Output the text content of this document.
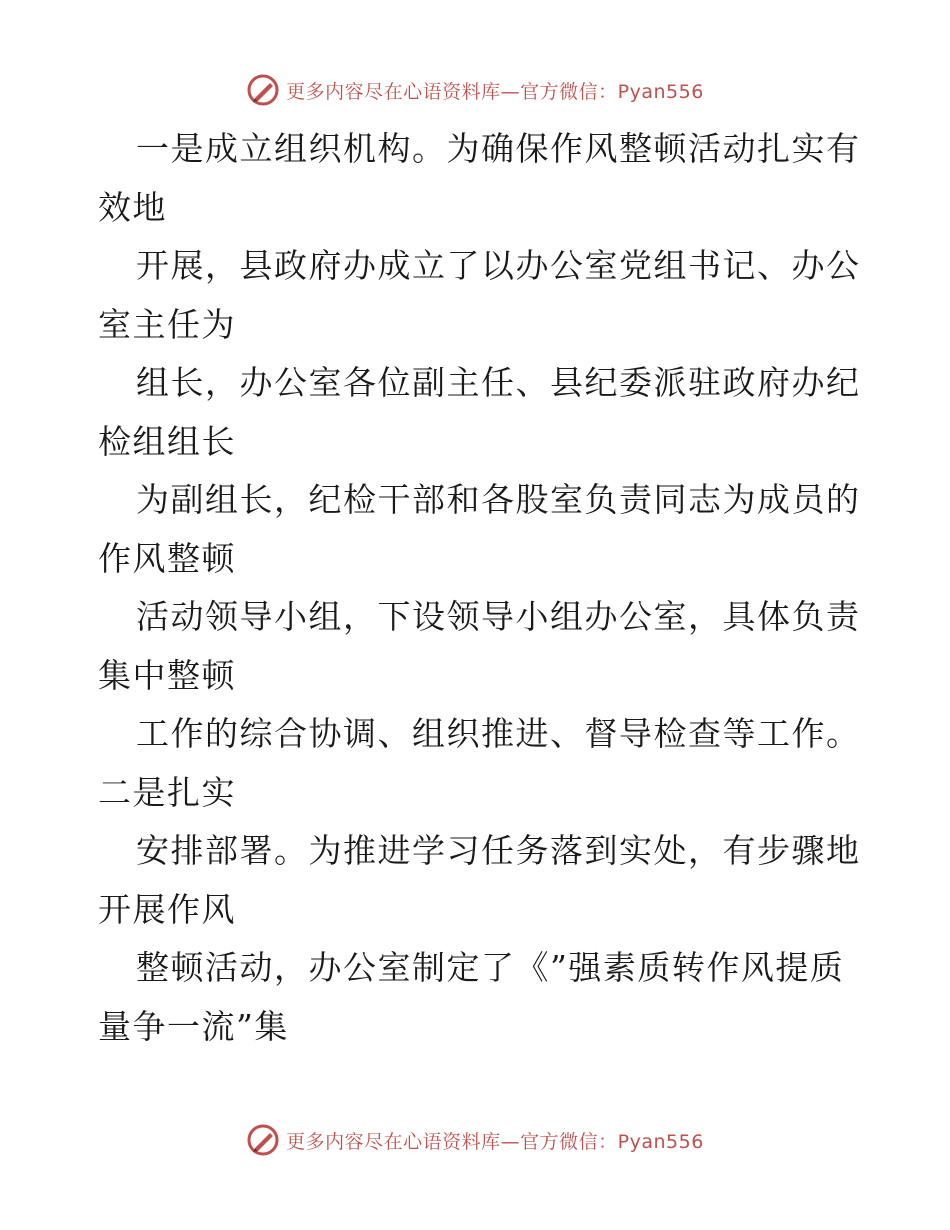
更多内容尽在心语资料库—官方微信：Pyan556
一是成立组织机构。为确保作风整顿活动扎实有
效地
开展，县政府办成立了以办公室党组书记、办公
室主任为
组长，办公室各位副主任、县纪委派驻政府办纪
检组组长
为副组长，纪检干部和各股室负责同志为成员的
作风整顿
活动领导小组，下设领导小组办公室，具体负责
集中整顿
工作的综合协调、组织推进、督导检查等工作。
二是扎实
安排部署。为推进学习任务落到实处，有步骤地
开展作风
整顿活动，办公室制定了《”强素质转作风提质
量争一流”集
更多内容尽在心语资料库—官方微信：Pyan556
